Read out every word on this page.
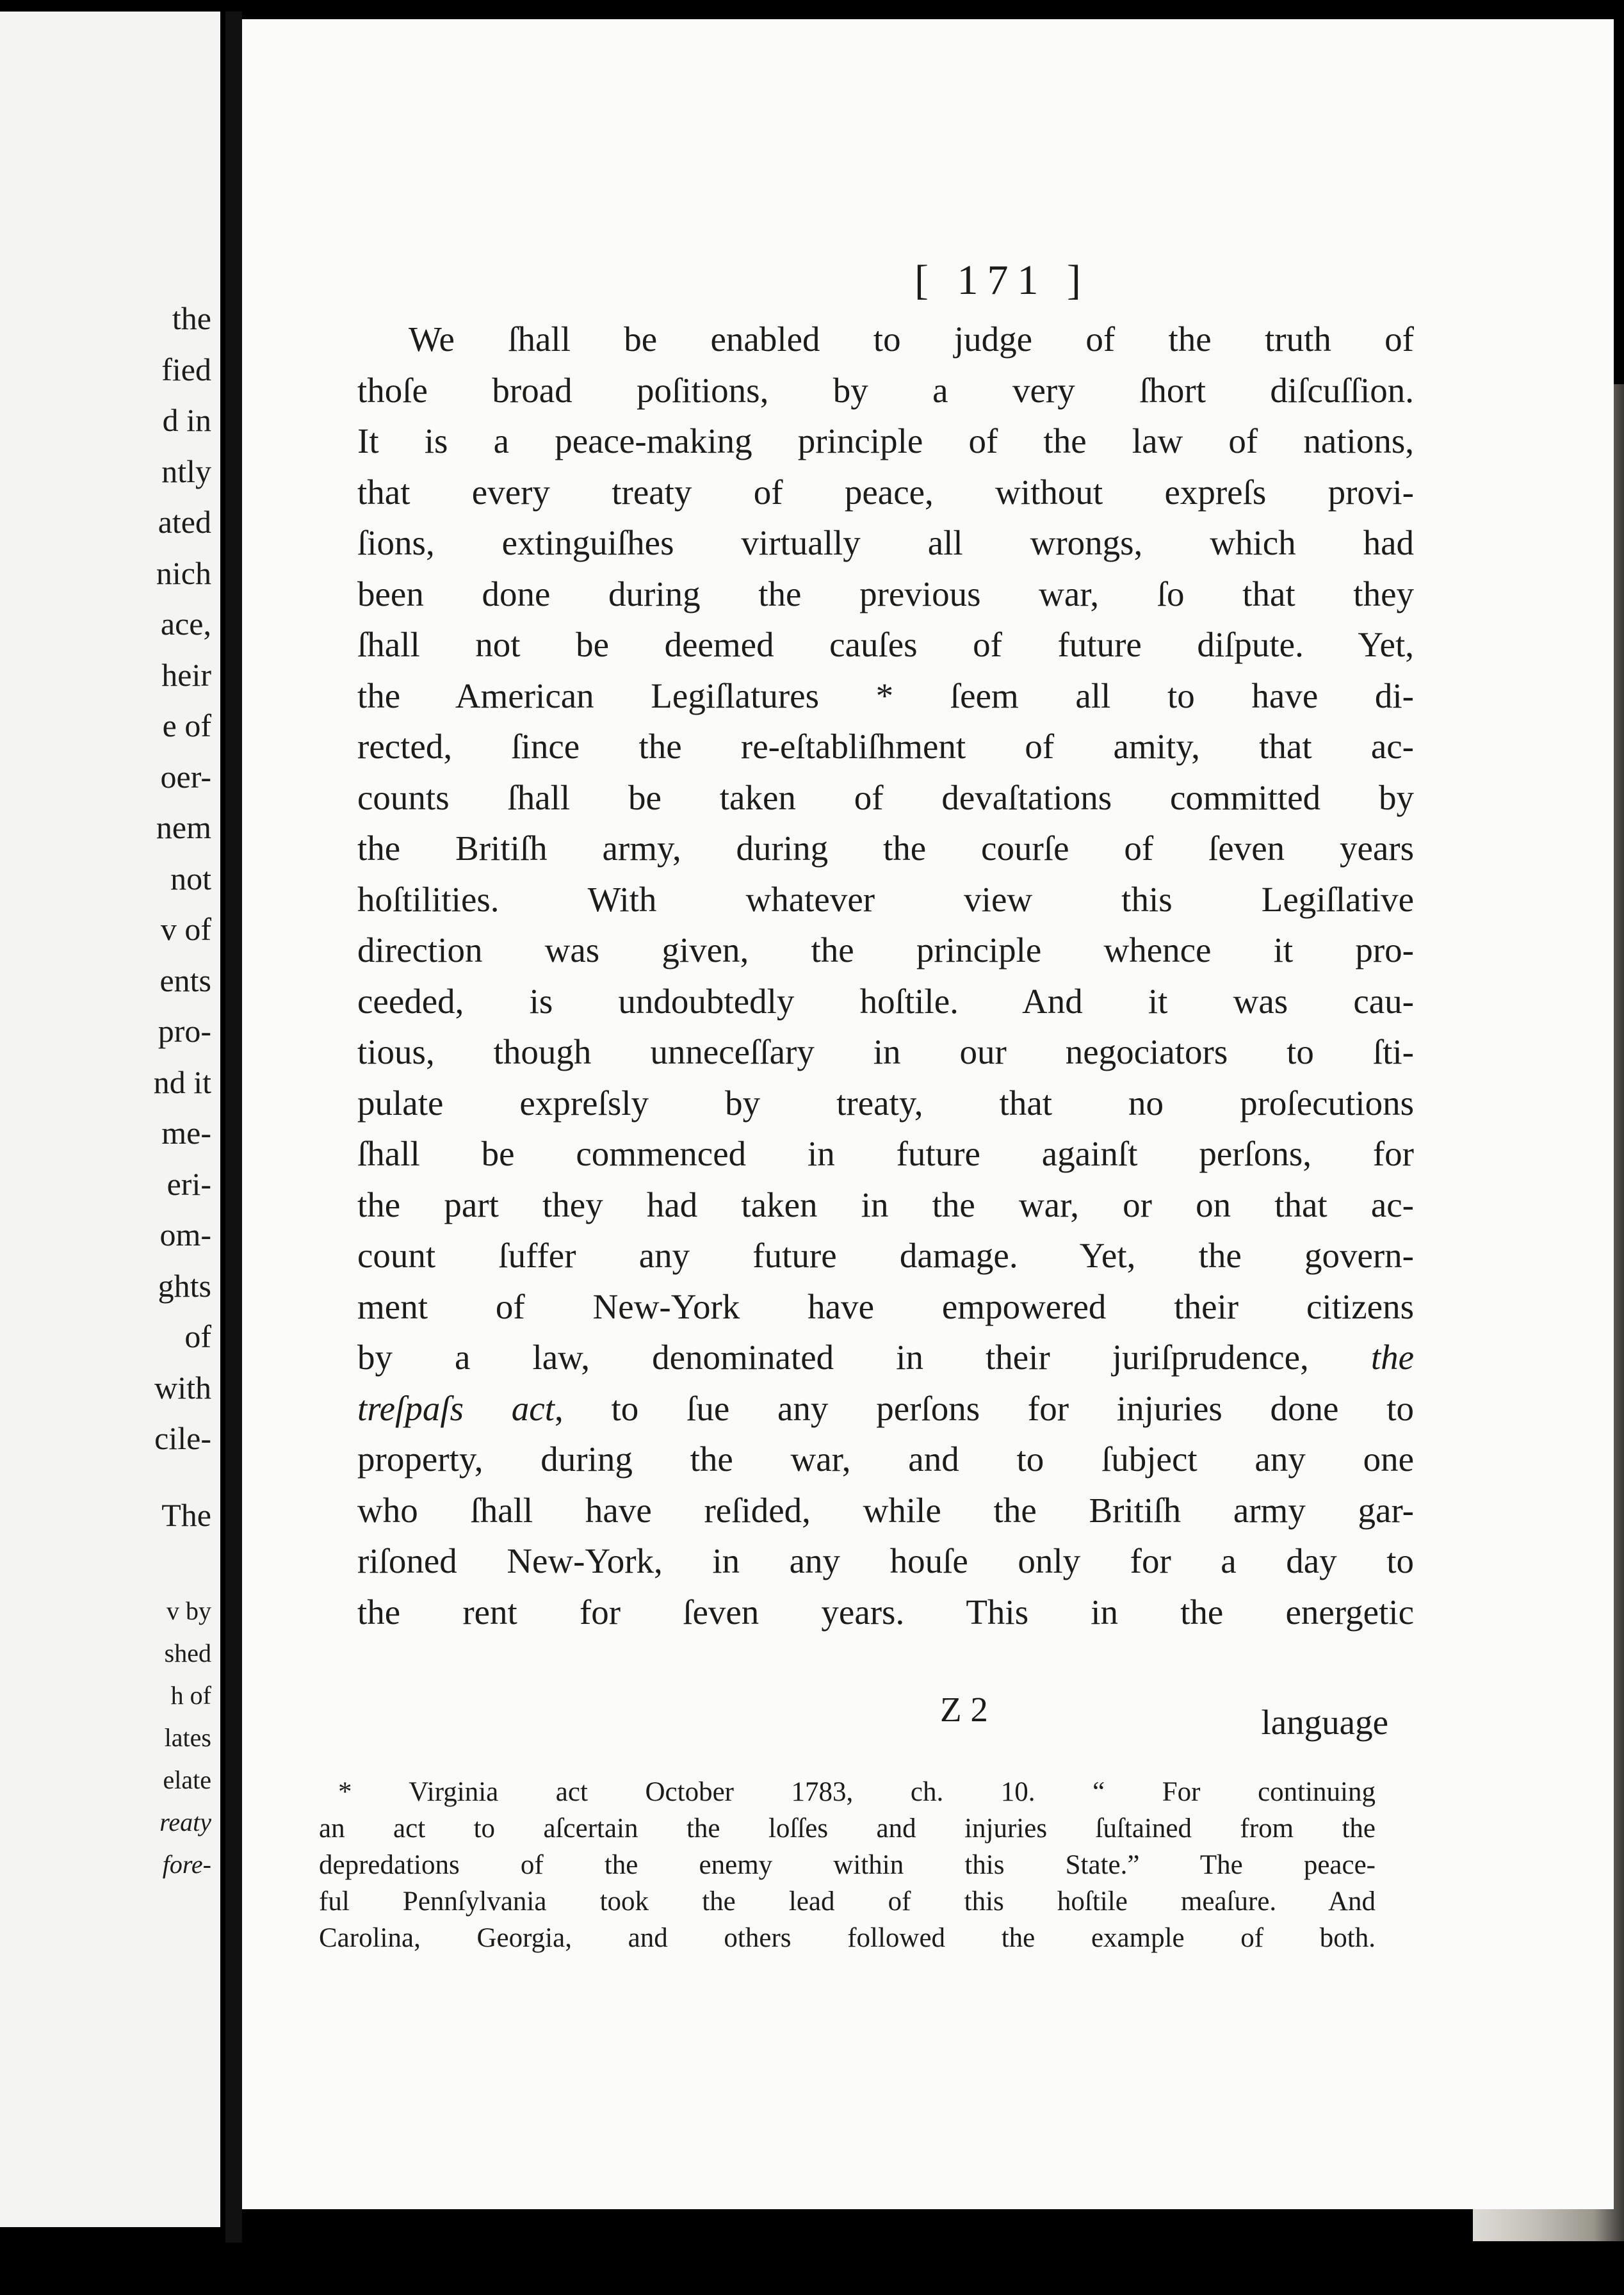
the
fied
d in
ntly
ated
nich
ace,
heir
e of
oer-
nem
not
v of
ents
pro-
nd it
me-
eri-
om-
ghts
of
with
cile-
The
v by
shed
h of
lates
elate
reaty
fore-
[ 171 ]
We ſhall be enabled to judge of the truth of
thoſe broad poſitions, by a very ſhort diſcuſſion.
It is a peace-making principle of the law of nations,
that every treaty of peace, without expreſs provi-
ſions, extinguiſhes virtually all wrongs, which had
been done during the previous war, ſo that they
ſhall not be deemed cauſes of future diſpute. Yet,
the American Legiſlatures * ſeem all to have di-
rected, ſince the re-eſtabliſhment of amity, that ac-
counts ſhall be taken of devaſtations committed by
the Britiſh army, during the courſe of ſeven years
hoſtilities. With whatever view this Legiſlative
direction was given, the principle whence it pro-
ceeded, is undoubtedly hoſtile. And it was cau-
tious, though unneceſſary in our negociators to ſti-
pulate expreſsly by treaty, that no proſecutions
ſhall be commenced in future againſt perſons, for
the part they had taken in the war, or on that ac-
count ſuffer any future damage. Yet, the govern-
ment of New-York have empowered their citizens
by a law, denominated in their juriſprudence, the
treſpaſs act, to ſue any perſons for injuries done to
property, during the war, and to ſubject any one
who ſhall have reſided, while the Britiſh army gar-
riſoned New-York, in any houſe only for a day to
the rent for ſeven years. This in the energetic
Z 2	language
* Virginia act October 1783, ch. 10. “ For continuing
an act to aſcertain the loſſes and injuries ſuſtained from the
depredations of the enemy within this State.” The peace-
ful Pennſylvania took the lead of this hoſtile meaſure. And
Carolina, Georgia, and others followed the example of both.
